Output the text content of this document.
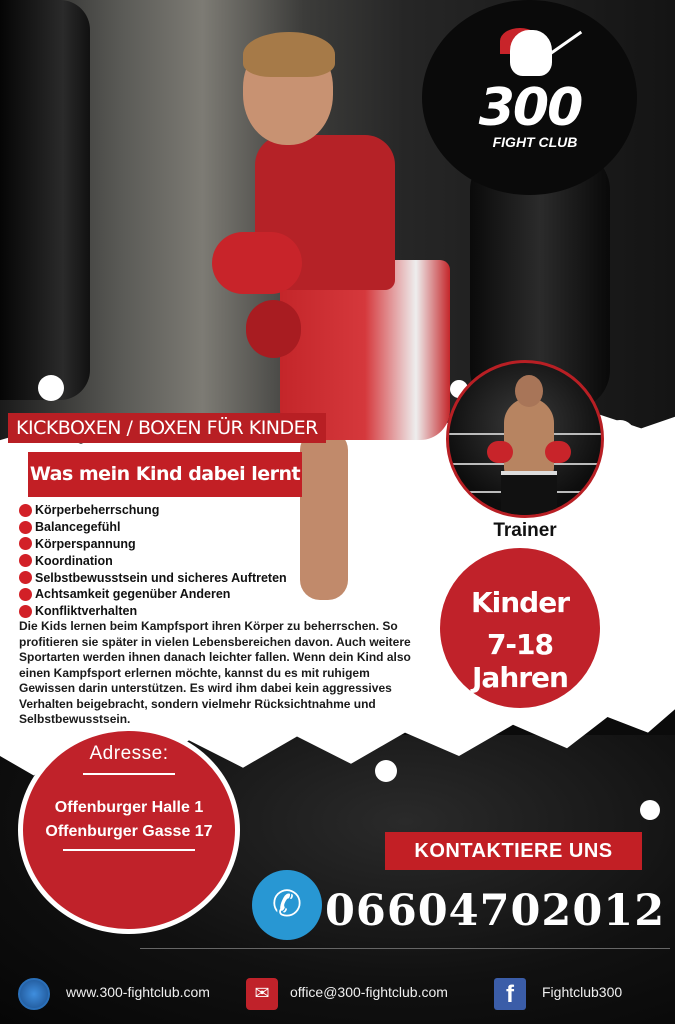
300
FIGHT CLUB
KICKBOXEN / BOXEN FÜR KINDER
Was mein Kind dabei lernt
Körperbeherrschung
Balancegefühl
Körperspannung
Koordination
Selbstbewusstsein und sicheres Auftreten
Achtsamkeit gegenüber Anderen
Konfliktverhalten

Die Kids lernen beim Kampfsport ihren Körper zu beherrschen. So profitieren sie später in vielen Lebensbereichen davon. Auch weitere Sportarten werden ihnen danach leichter fallen. Wenn dein Kind also einen Kampfsport erlernen möchte, kannst du es mit ruhigem Gewissen darin unterstützen. Es wird ihm dabei kein aggressives Verhalten beigebracht, sondern vielmehr Rücksichtnahme und Selbstbewusstsein.

Trainer
Kinder
7-18 Jahren
Adresse:
Offenburger Halle 1
Offenburger Gasse 17
KONTAKTIERE UNS
✆ 06604702012
www.300-fightclub.com	✉	office@300-fightclub.com	f	Fightclub300
